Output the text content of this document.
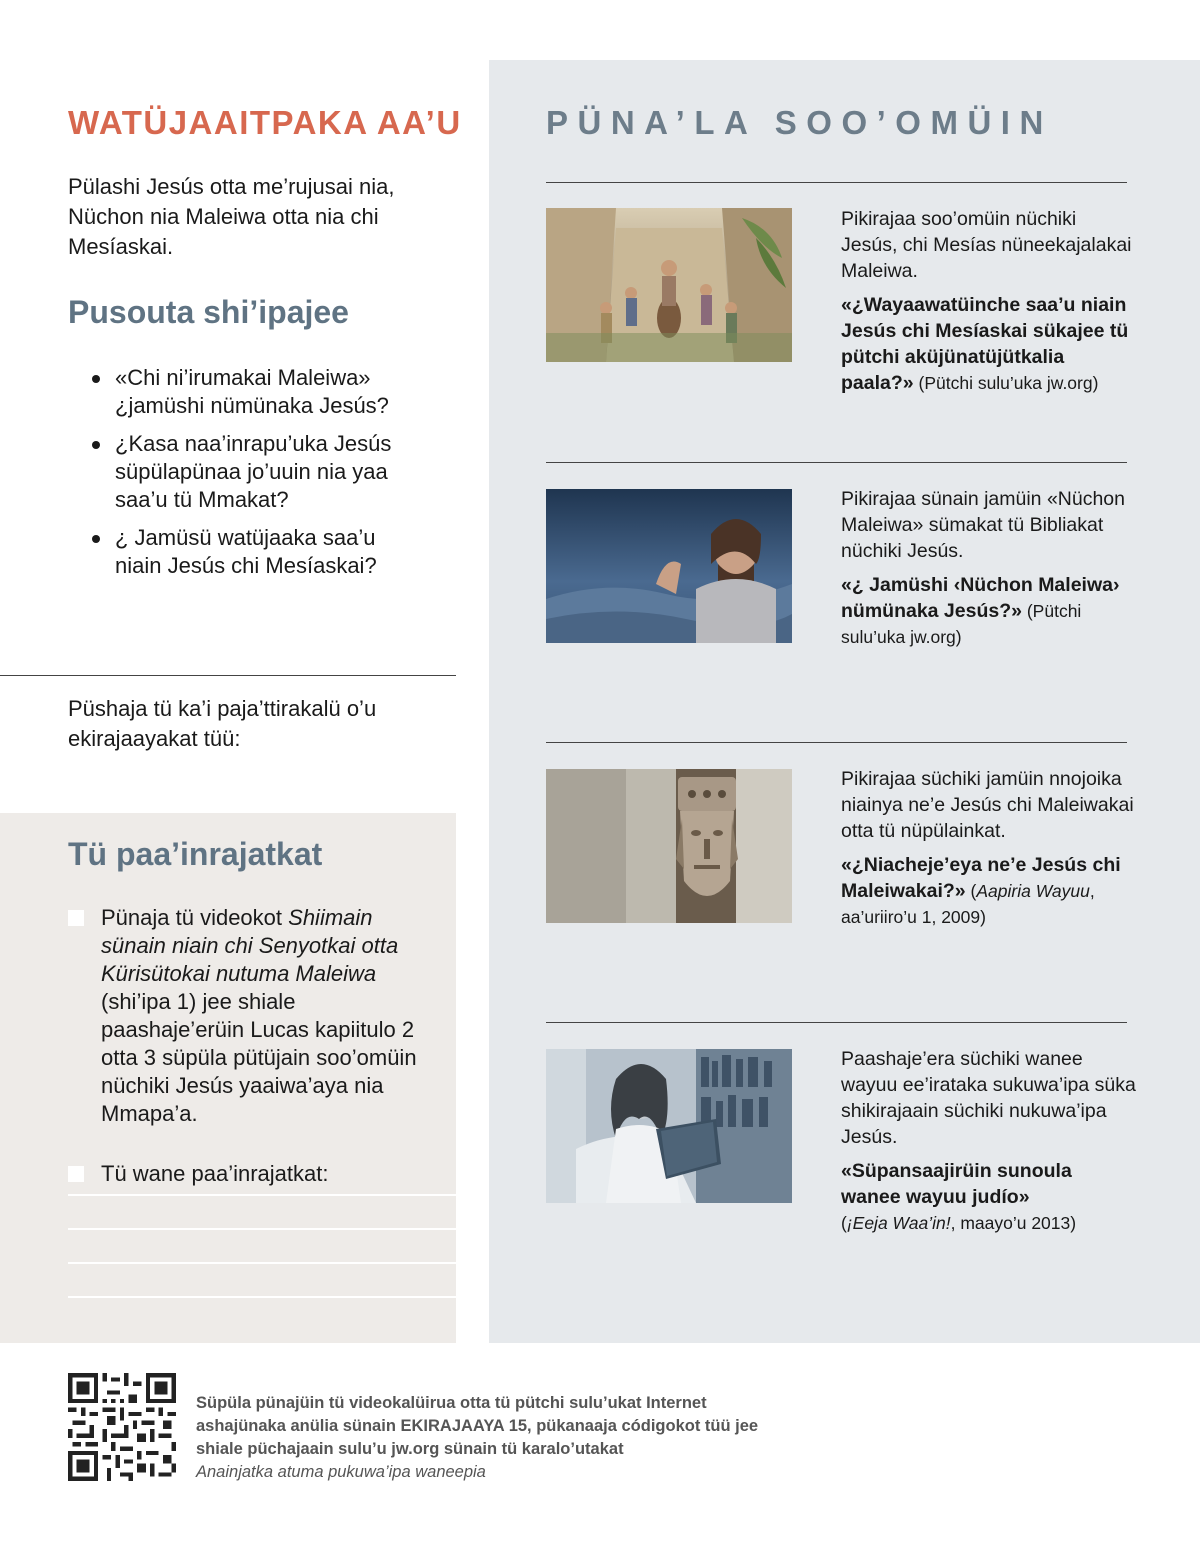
WATÜJAAITPAKA AA’U

Pülashi Jesús otta me’rujusai nia, Nüchon nia Maleiwa otta nia chi Mesíaskai.

Pusouta shi’ipajee
«Chi ni’irumakai Maleiwa» ¿jamüshi nümünaka Jesús?
¿Kasa naa’inrapu’uka Jesús süpülapünaa jo’uuin nia yaa saa’u tü Mmakat?
¿ Jamüsü watüjaaka saa’u niain Jesús chi Mesíaskai?

Püshaja tü ka’i paja’ttirakalü o’u ekirajaayakat tüü:

Tü paa’inrajatkat
Pünaja tü videokot Shiimain sünain niain chi Senyotkai otta Kürisütokai nutuma Maleiwa (shi’ipa 1) jee shiale paashaje’erüin Lucas kapiitulo 2 otta 3 süpüla pütüjain soo’omüin nüchiki Jesús yaaiwa’aya nia Mmapa’a.
Tü wane paa’inrajatkat:
PÜNA’LA SOO’OMÜIN

Pikirajaa soo’omüin nüchiki Jesús, chi Mesías nüneekajalakai Maleiwa.
«¿Wayaawatüinche saa’u niain Jesús chi Mesíaskai sükajee tü pütchi aküjünatüjütkalia paala?» (Pütchi sulu’uka jw.org)

Pikirajaa sünain jamüin «Nüchon Maleiwa» sümakat tü Bibliakat nüchiki Jesús.
«¿ Jamüshi ‹Nüchon Maleiwa› nümünaka Jesús?» (Pütchi sulu’uka jw.org)

Pikirajaa süchiki jamüin nnojoika niainya ne’e Jesús chi Maleiwakai otta tü nüpülainkat.
«¿Niacheje’eya ne’e Jesús chi Maleiwakai?» (Aapiria Wayuu, aa’uriiro’u 1, 2009)

Paashaje’era süchiki wanee wayuu ee’irataka sukuwa’ipa süka shikirajaain süchiki nukuwa’ipa Jesús.
«Süpansaajirüin sunoula wanee wayuu judío»
(¡Eeja Waa’in!, maayo’u 2013)

Süpüla pünajüin tü videokalüirua otta tü pütchi sulu’ukat Internet ashajünaka anülia sünain EKIRAJAAYA 15, pükanaaja códigokot tüü jee shiale püchajaain sulu’u jw.org sünain tü karalo’utakat
Anainjatka atuma pukuwa’ipa waneepia
